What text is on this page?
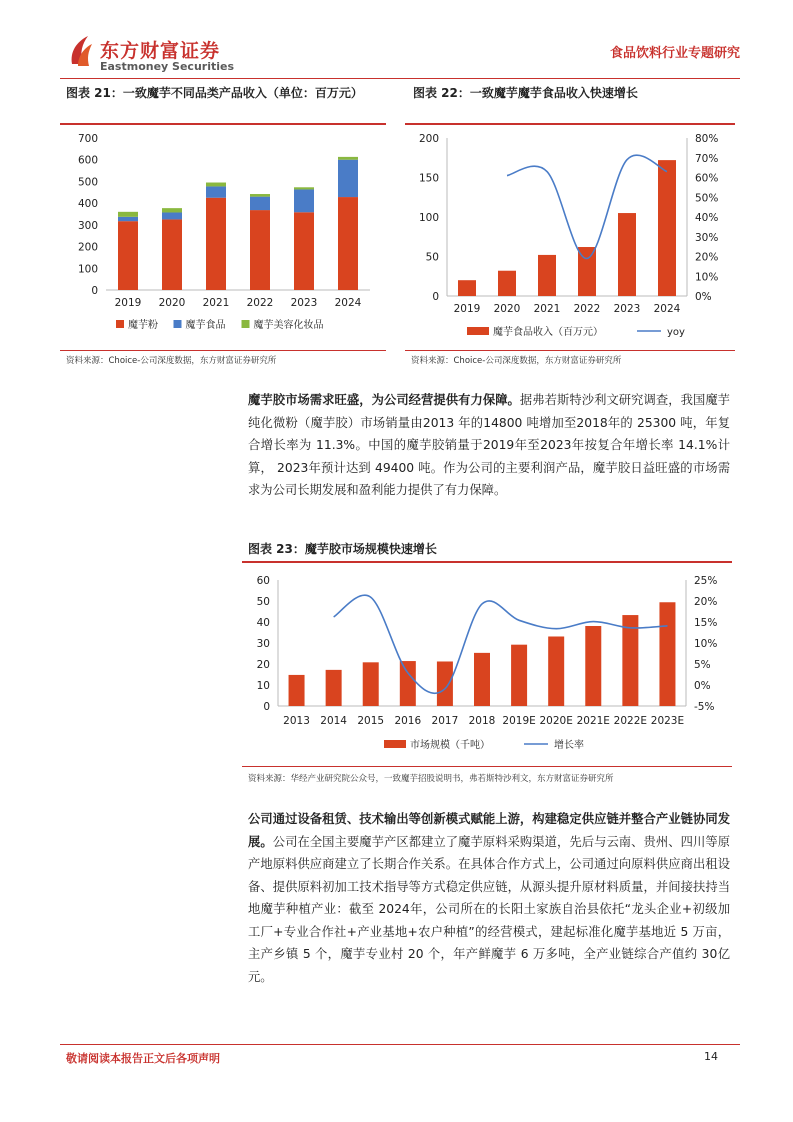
东方财富证券
Eastmoney Securities
食品饮料行业专题研究
图表 21：一致魔芋不同品类产品收入（单位：百万元）
0
100
200
300
400
500
600
700
2019 2020 2021 2022 2023 2024
魔芋粉	魔芋食品	魔芋美容化妆品
资料来源：Choice-公司深度数据，东方财富证券研究所
图表 22：一致魔芋魔芋食品收入快速增长
0
50
100
150
200
0%
10%
20%
30%
40%
50%
60%
70%
80%
2019 2020 2021 2022 2023 2024
魔芋食品收入（百万元）	yoy
资料来源：Choice-公司深度数据，东方财富证券研究所
魔芋胶市场需求旺盛，为公司经营提供有力保障。据弗若斯特沙利文研究调查，我国魔芋纯化微粉（魔芋胶）市场销量由2013 年的14800 吨增加至2018年的 25300 吨，年复合增长率为 11.3%。中国的魔芋胶销量于2019年至2023年按复合年增长率 14.1%计算， 2023年预计达到 49400 吨。作为公司的主要利润产品，魔芋胶日益旺盛的市场需求为公司长期发展和盈利能力提供了有力保障。
图表 23：魔芋胶市场规模快速增长
0
10
20
30
40
50
60
-5%
0%
5%
10%
15%
20%
25%
2013 2014 2015 2016 2017 2018 2019E 2020E 2021E 2022E 2023E
市场规模（千吨）	增长率
资料来源：华经产业研究院公众号，一致魔芋招股说明书，弗若斯特沙利文，东方财富证券研究所
公司通过设备租赁、技术输出等创新模式赋能上游，构建稳定供应链并整合产业链协同发展。公司在全国主要魔芋产区都建立了魔芋原料采购渠道，先后与云南、贵州、四川等原产地原料供应商建立了长期合作关系。在具体合作方式上，公司通过向原料供应商出租设备、提供原料初加工技术指导等方式稳定供应链，从源头提升原材料质量，并间接扶持当地魔芋种植产业：截至 2024年，公司所在的长阳土家族自治县依托“龙头企业+初级加工厂+专业合作社+产业基地+农户种植”的经营模式，建起标准化魔芋基地近 5 万亩，主产乡镇 5 个，魔芋专业村 20 个，年产鲜魔芋 6 万多吨，全产业链综合产值约 30亿元。
敬请阅读本报告正文后各项声明	14
